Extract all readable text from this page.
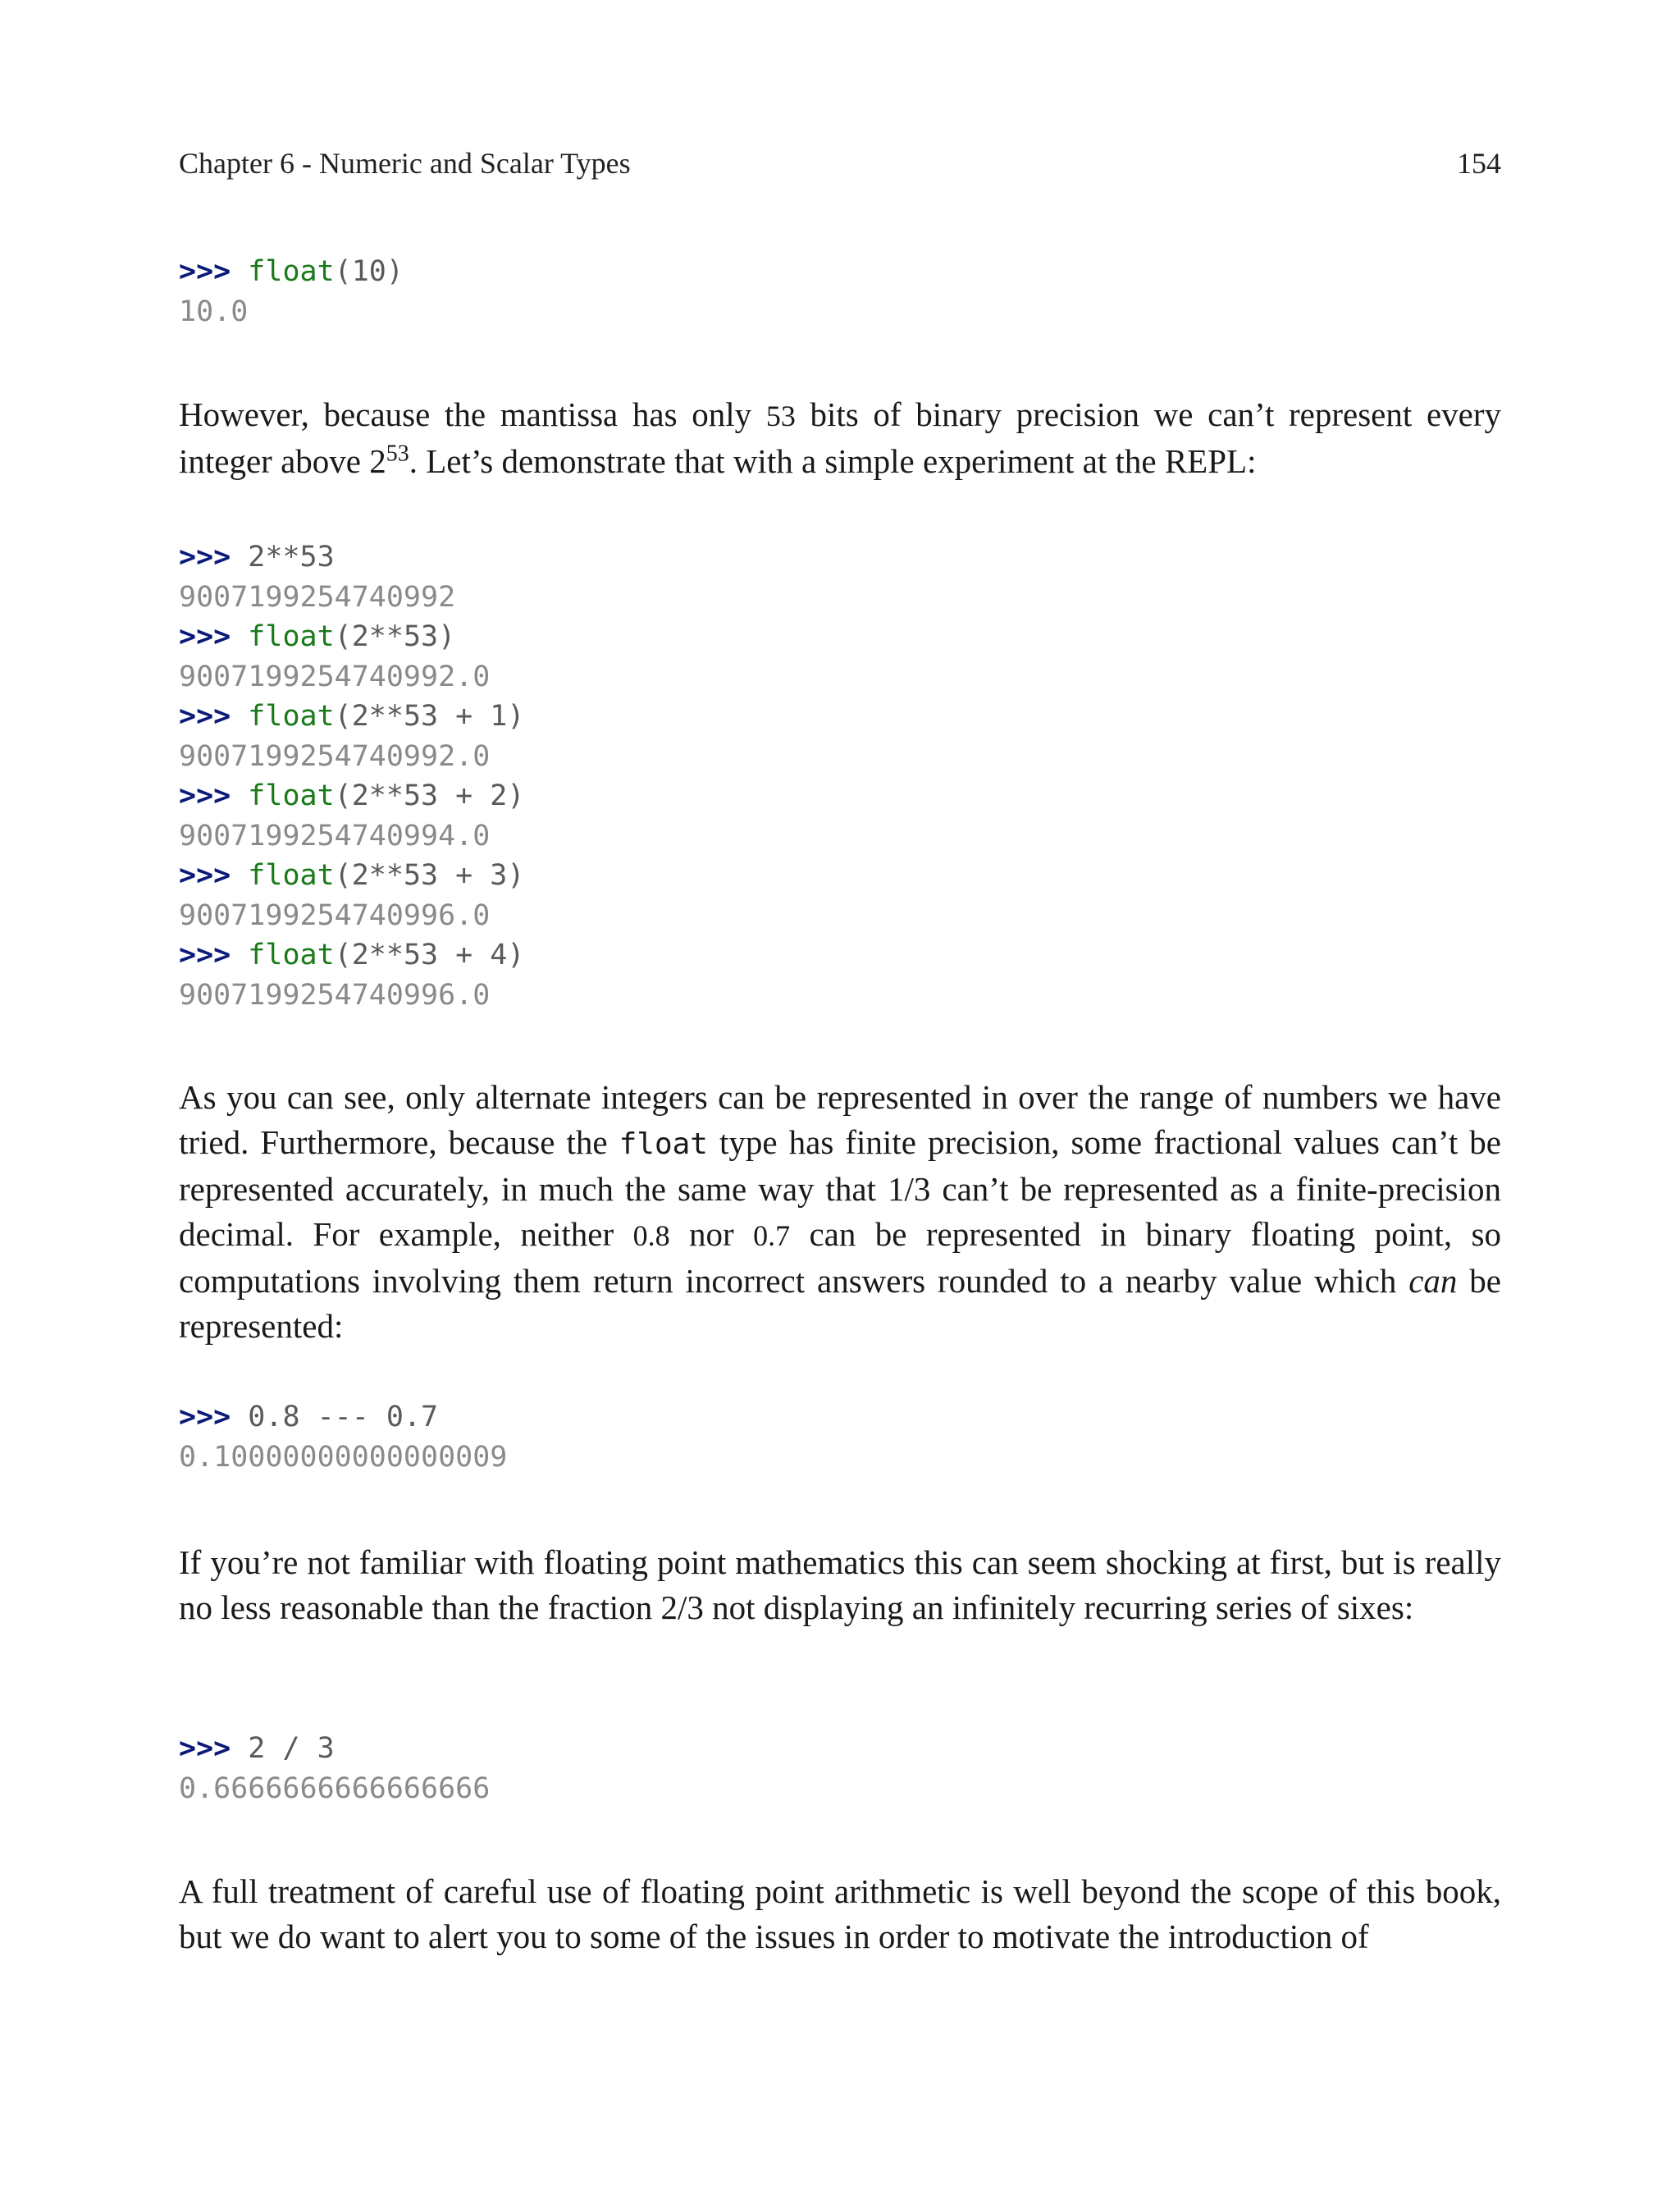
Chapter 6 - Numeric and Scalar Types	154
>>> float(10)
10.0
However, because the mantissa has only 53 bits of binary precision we can’t represent every integer above $2^{53}$. Let’s demonstrate that with a simple experiment at the REPL:
>>> 2**53
9007199254740992
>>> float(2**53)
9007199254740992.0
>>> float(2**53 + 1)
9007199254740992.0
>>> float(2**53 + 2)
9007199254740994.0
>>> float(2**53 + 3)
9007199254740996.0
>>> float(2**53 + 4)
9007199254740996.0
As you can see, only alternate integers can be represented in over the range of numbers we have tried. Furthermore, because the float type has finite precision, some fractional values can’t be represented accurately, in much the same way that 1/3 can’t be represented as a finite-precision decimal. For example, neither 0.8 nor 0.7 can be represented in binary floating point, so computations involving them return incorrect answers rounded to a nearby value which can be represented:
>>> 0.8 --- 0.7
0.10000000000000009
If you’re not familiar with floating point mathematics this can seem shocking at first, but is really no less reasonable than the fraction 2/3 not displaying an infinitely recurring series of sixes:
>>> 2 / 3
0.6666666666666666
A full treatment of careful use of floating point arithmetic is well beyond the scope of this book, but we do want to alert you to some of the issues in order to motivate the introduction of
